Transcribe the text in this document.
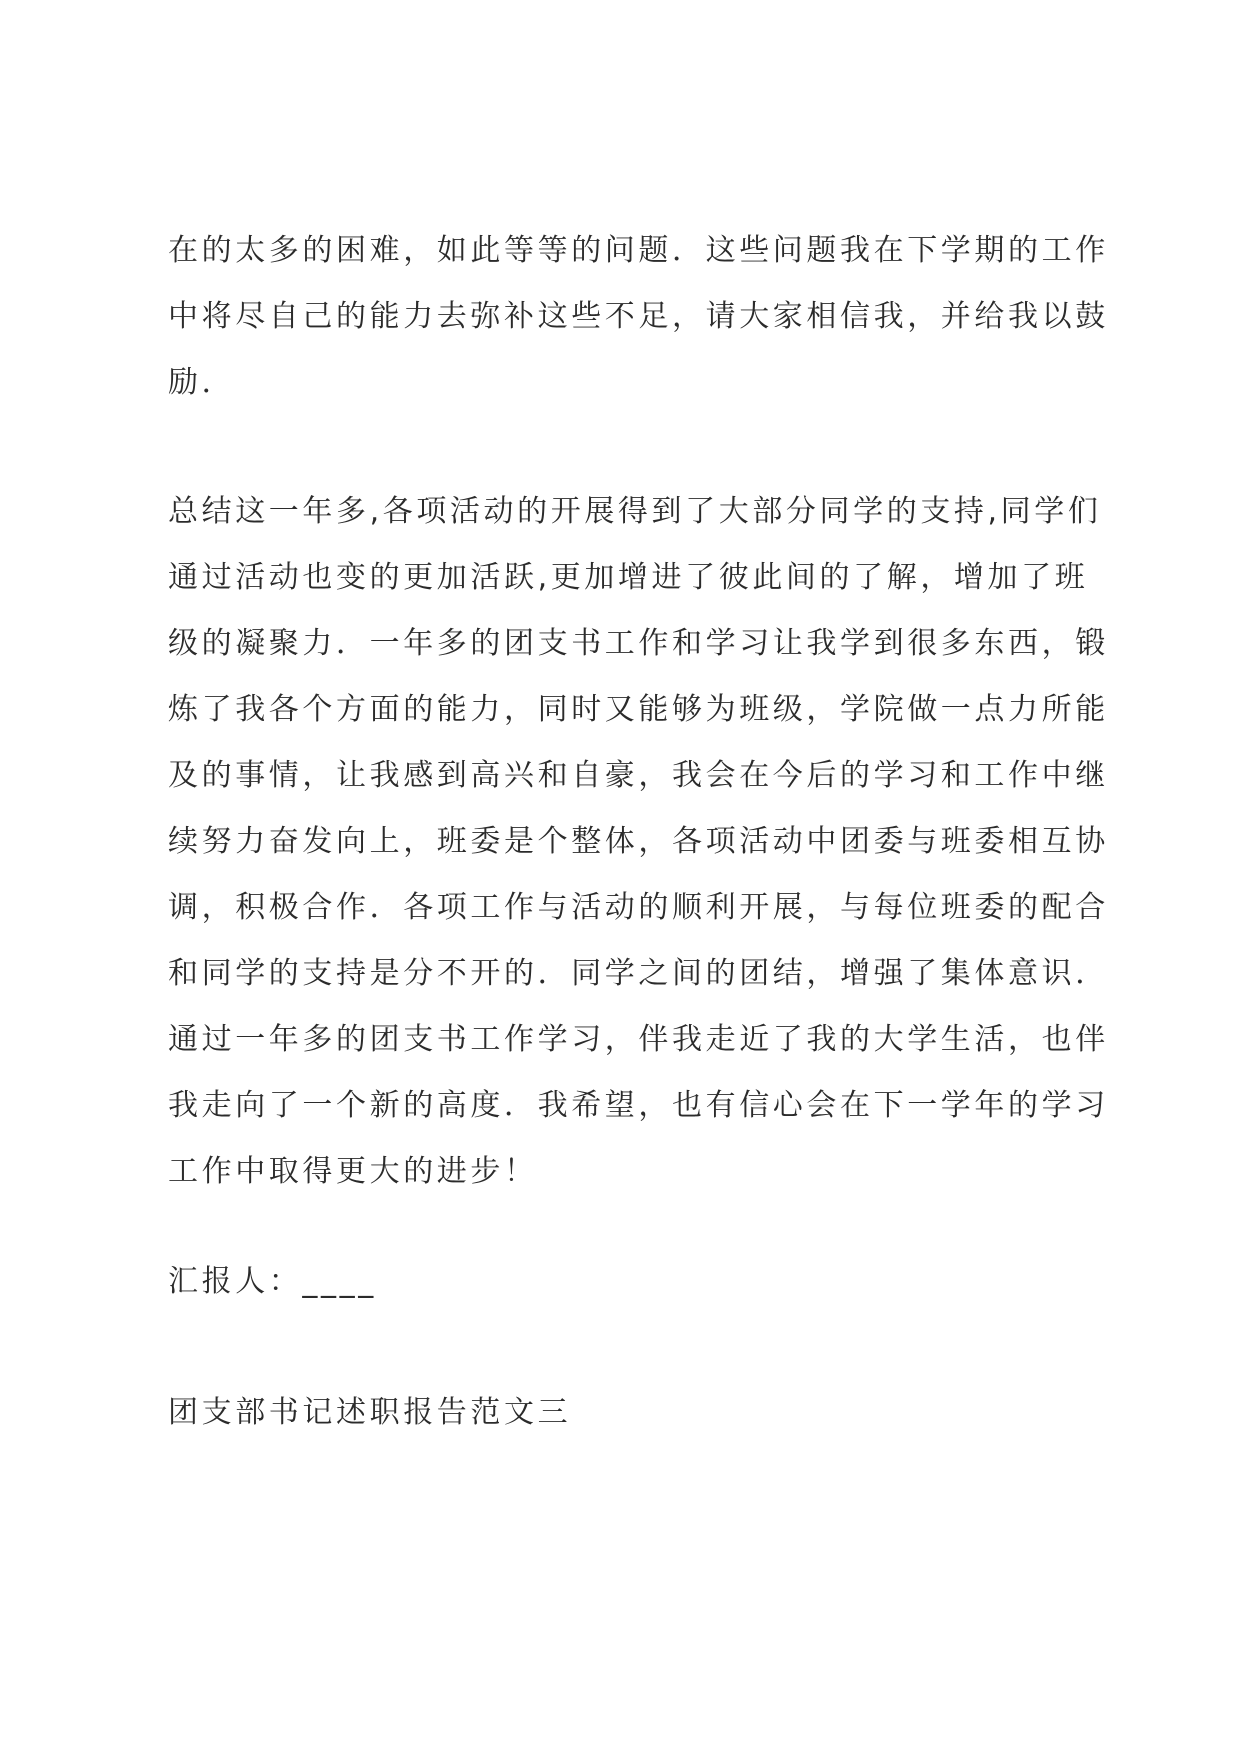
在的太多的困难，如此等等的问题．这些问题我在下学期的工作
中将尽自己的能力去弥补这些不足，请大家相信我，并给我以鼓
励．

总结这一年多,各项活动的开展得到了大部分同学的支持,同学们
通过活动也变的更加活跃,更加增进了彼此间的了解，增加了班
级的凝聚力．一年多的团支书工作和学习让我学到很多东西，锻
炼了我各个方面的能力，同时又能够为班级，学院做一点力所能
及的事情，让我感到高兴和自豪，我会在今后的学习和工作中继
续努力奋发向上，班委是个整体，各项活动中团委与班委相互协
调，积极合作．各项工作与活动的顺利开展，与每位班委的配合
和同学的支持是分不开的．同学之间的团结，增强了集体意识．
通过一年多的团支书工作学习，伴我走近了我的大学生活，也伴
我走向了一个新的高度．我希望，也有信心会在下一学年的学习
工作中取得更大的进步！

汇报人：____

团支部书记述职报告范文三
